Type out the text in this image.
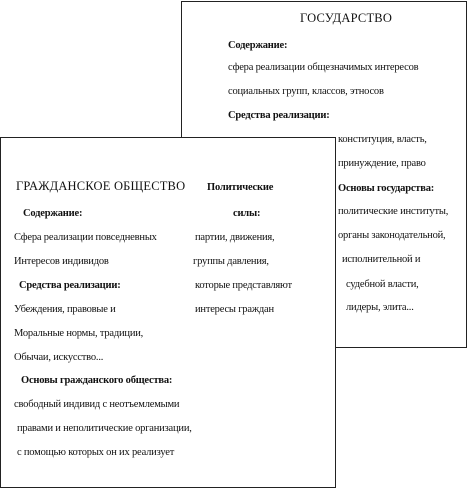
ГОСУДАРСТВО
Содержание:
сфера реализации общезначимых интересов
социальных групп, классов, этносов
Средства реализации:
конституция, власть,
принуждение, право
Основы государства:
политические институты,
органы законодательной,
исполнительной и
судебной власти,
лидеры, элита...
ГРАЖДАНСКОЕ ОБЩЕСТВО
Содержание:
Сфера реализации повседневных
Интересов индивидов
Средства реализации:
Убеждения, правовые и
Моральные нормы, традиции,
Обычаи, искусство...
Основы гражданского общества:
свободный индивид с неотъемлемыми
правами и неполитические организации,
с помощью которых он их реализует
Политические
силы:
партии, движения,
группы давления,
которые представляют
интересы граждан
